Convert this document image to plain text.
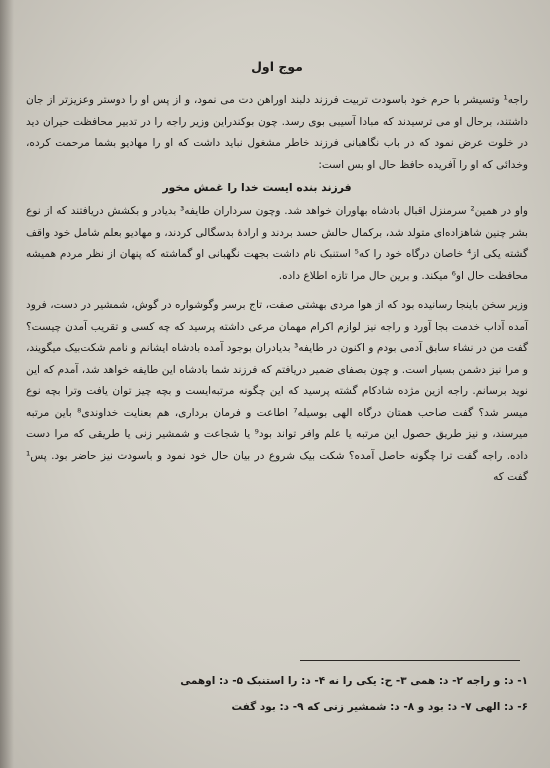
موج اول

راجه¹ وتسیشر با حرم خود باسودت تربیت فرزند دلبند اوراهن دت می نمود، و از پس او را دوستر وعزیزتر از جان داشتند، برحال او می ترسیدند که مبادا آسیبی بوی رسد. چون بوکندراین وزیر راجه را در تدبیر محافظت حیران دید در خلوت عرض نمود که در باب نگاهبانی فرزند خاطر مشغول نباید داشت که او را مهادیو بشما مرحمت کرده، وخدائی که او را آفریده حافظ حال او بس است:

فرزند بنده ایست خدا را غمش مخور

واو در همین² سرمنزل اقبال بادشاه بهاوران خواهد شد. وچون سرداران طایفه³ بدیادر و بکشش دریافتند که از نوع بشر چنین شاهزاده‌ای متولد شد، برکمال حالش حسد بردند و ارادهٔ بدسگالی کردند، و مهادیو بعلم شامل خود واقف گشته یکی از⁴ خاصان درگاه خود را که⁵ استنبک نام داشت بجهت نگهبانی او گماشته که پنهان از نظر مردم همیشه محافظت حال او⁶ میکند. و برین حال مرا تازه اطلاع داده.

وزیر سخن باینجا رسانیده بود که از هوا مردی بهشتی صفت، تاج برسر وگوشواره در گوش، شمشیر در دست، فرود آمده آداب خدمت بجا آورد و راجه نیز لوازم اکرام مهمان مرعی داشته پرسید که چه کسی و تقریب آمدن چیست؟ گفت من در نشاء سابق آدمی بودم و اکنون در طایفه³ بدیادران بوجود آمده بادشاه ایشانم و نامم شکت‌بیک میگویند، و مرا نیز دشمن بسیار است. و چون بصفای ضمیر دریافتم که فرزند شما بادشاه این طایفه خواهد شد، آمدم که این نوید برسانم. راجه ازین مژده شادکام گشته پرسید که این چگونه مرتبه‌ایست و بچه چیز توان یافت وترا بچه نوع میسر شد؟ گفت صاحب همتان درگاه الهی بوسیله⁷ اطاعت و فرمان برداری، هم بعنایت خداوندی⁸ باین مرتبه میرسند، و نیز طریق حصول این مرتبه یا علم وافر تواند بود⁹ یا شجاعت و شمشیر زنی یا طریقی که مرا دست داده. راجه گفت ترا چگونه حاصل آمده؟ شکت بیک شروع در بیان حال خود نمود و باسودت نیز حاضر بود. پس¹ گفت که

۱- د: و راجه ۲- د: همی ۳- ح: یکی را نه ۴- د: را استنبک ۵- د: اوهمی
۶- د: الهی ۷- د: بود و ۸- د: شمشیر زنی که ۹- د: بود گفت
